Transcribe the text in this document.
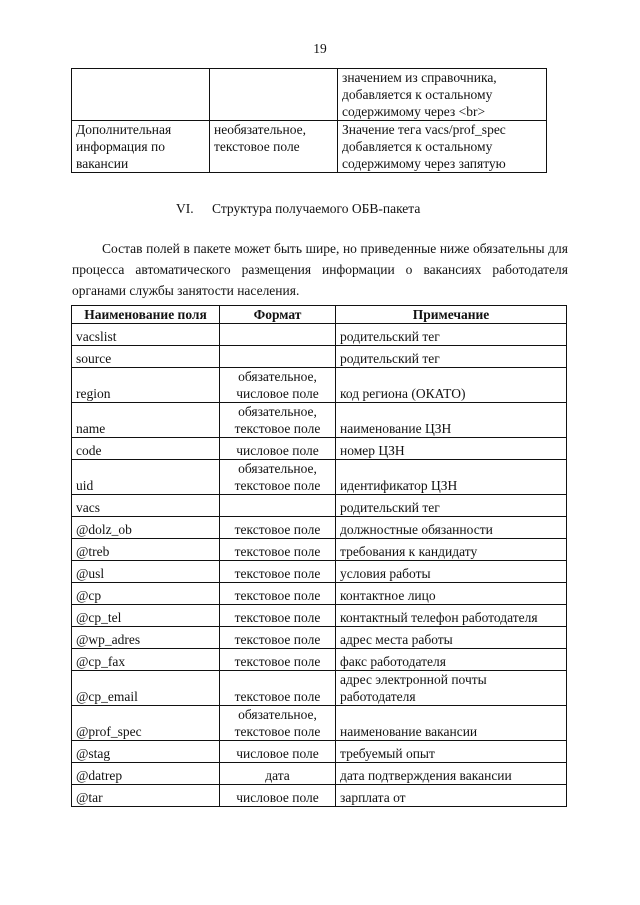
19
		значением из справочника, добавляется к остальному содержимому через <br>
Дополнительная информация по вакансии	необязательное, текстовое поле	Значение тега vacs/prof_spec добавляется к остальному содержимому через запятую
VI. Структура получаемого ОБВ-пакета

Состав полей в пакете может быть шире, но приведенные ниже обязательны для процесса автоматического размещения информации о вакансиях работодателя органами службы занятости населения.

Наименование поля	Формат	Примечание
vacslist		родительский тег
source		родительский тег
region	обязательное, числовое поле	код региона (ОКАТО)
name	обязательное, текстовое поле	наименование ЦЗН
code	числовое поле	номер ЦЗН
uid	обязательное, текстовое поле	идентификатор ЦЗН
vacs		родительский тег
@dolz_ob	текстовое поле	должностные обязанности
@treb	текстовое поле	требования к кандидату
@usl	текстовое поле	условия работы
@cp	текстовое поле	контактное лицо
@cp_tel	текстовое поле	контактный телефон работодателя
@wp_adres	текстовое поле	адрес места работы
@cp_fax	текстовое поле	факс работодателя
@cp_email	текстовое поле	адрес электронной почты работодателя
@prof_spec	обязательное, текстовое поле	наименование вакансии
@stag	числовое поле	требуемый опыт
@datrep	дата	дата подтверждения вакансии
@tar	числовое поле	зарплата от
